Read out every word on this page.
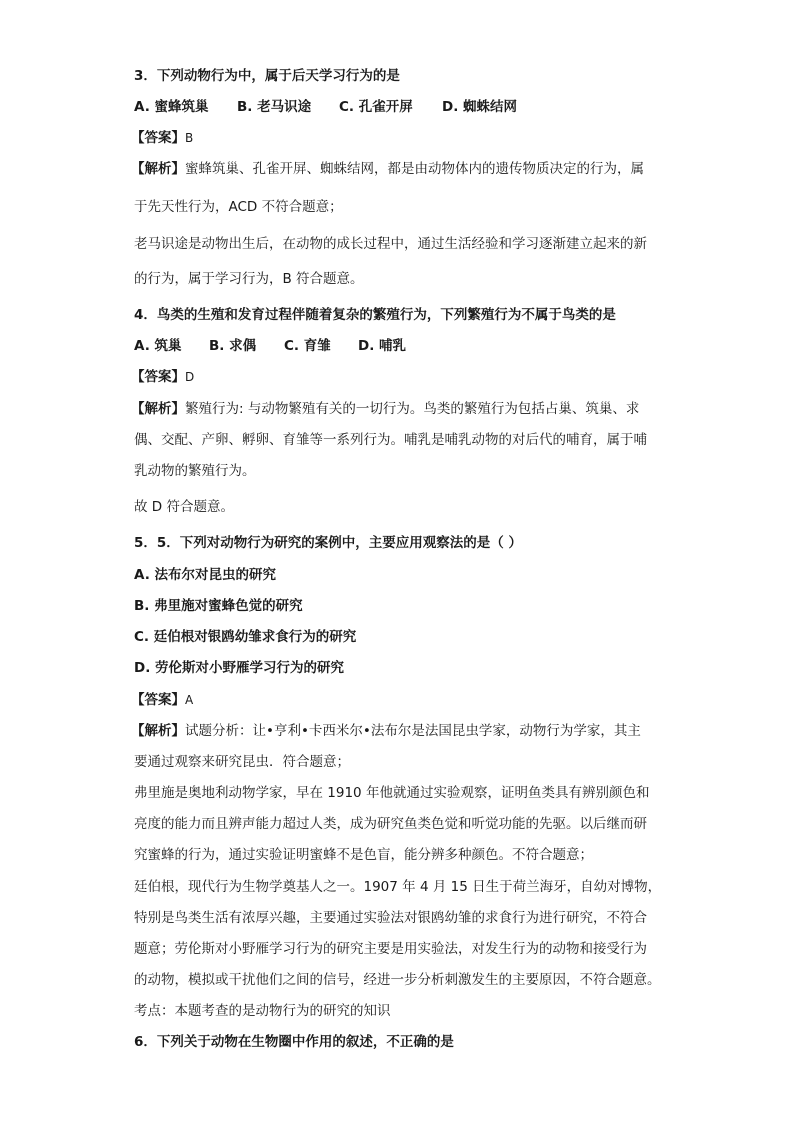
3．下列动物行为中，属于后天学习行为的是
A. 蜜蜂筑巢 B. 老马识途 C. 孔雀开屏 D. 蜘蛛结网
【答案】B
【解析】蜜蜂筑巢、孔雀开屏、蜘蛛结网，都是由动物体内的遗传物质决定的行为，属
于先天性行为，ACD 不符合题意；
老马识途是动物出生后，在动物的成长过程中，通过生活经验和学习逐渐建立起来的新
的行为，属于学习行为，B 符合题意。
4．鸟类的生殖和发育过程伴随着复杂的繁殖行为，下列繁殖行为不属于鸟类的是
A. 筑巢 B. 求偶 C. 育雏 D. 哺乳
【答案】D
【解析】繁殖行为: 与动物繁殖有关的一切行为。鸟类的繁殖行为包括占巢、筑巢、求
偶、交配、产卵、孵卵、育雏等一系列行为。哺乳是哺乳动物的对后代的哺育，属于哺
乳动物的繁殖行为。
故 D 符合题意。
5．5．下列对动物行为研究的案例中，主要应用观察法的是（ ）
A. 法布尔对昆虫的研究
B. 弗里施对蜜蜂色觉的研究
C. 廷伯根对银鸥幼雏求食行为的研究
D. 劳伦斯对小野雁学习行为的研究
【答案】A
【解析】试题分析：让•亨利•卡西米尔•法布尔是法国昆虫学家，动物行为学家，其主
要通过观察来研究昆虫．符合题意；
弗里施是奥地利动物学家，早在 1910 年他就通过实验观察，证明鱼类具有辨别颜色和
亮度的能力而且辨声能力超过人类，成为研究鱼类色觉和听觉功能的先驱。以后继而研
究蜜蜂的行为，通过实验证明蜜蜂不是色盲，能分辨多种颜色。不符合题意；
廷伯根，现代行为生物学奠基人之一。1907 年 4 月 15 日生于荷兰海牙，自幼对博物，
特别是鸟类生活有浓厚兴趣，主要通过实验法对银鸥幼雏的求食行为进行研究，不符合
题意；劳伦斯对小野雁学习行为的研究主要是用实验法，对发生行为的动物和接受行为
的动物，模拟或干扰他们之间的信号，经进一步分析刺激发生的主要原因，不符合题意。
考点：本题考查的是动物行为的研究的知识
6．下列关于动物在生物圈中作用的叙述，不正确的是
